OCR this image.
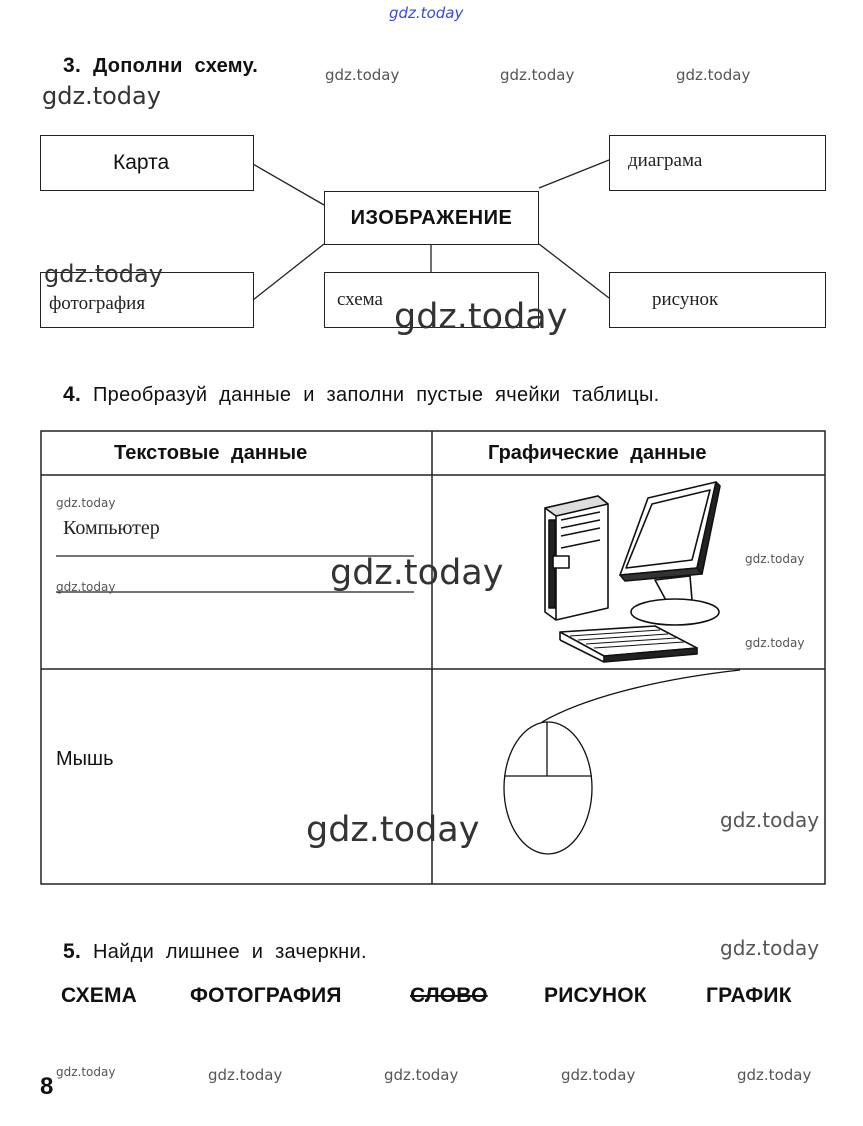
gdz.today
3. Дополни схему.	gdz.today	gdz.today	gdz.today
gdz.today
Карта	диаграма
ИЗОБРАЖЕНИЕ
фотография	схема	рисунок
gdz.today
gdz.today
4. Преобразуй данные и заполни пустые ячейки таблицы.
Текстовые данные	Графические данные
gdz.today
Компьютер
gdz.today	gdz.today	gdz.today
gdz.today
Мышь
gdz.today	gdz.today
5. Найди лишнее и зачеркни.	gdz.today
СХЕМА	ФОТОГРАФИЯ	СЛОВО	РИСУНОК	ГРАФИК
gdz.today	gdz.today	gdz.today	gdz.today	gdz.today
8
